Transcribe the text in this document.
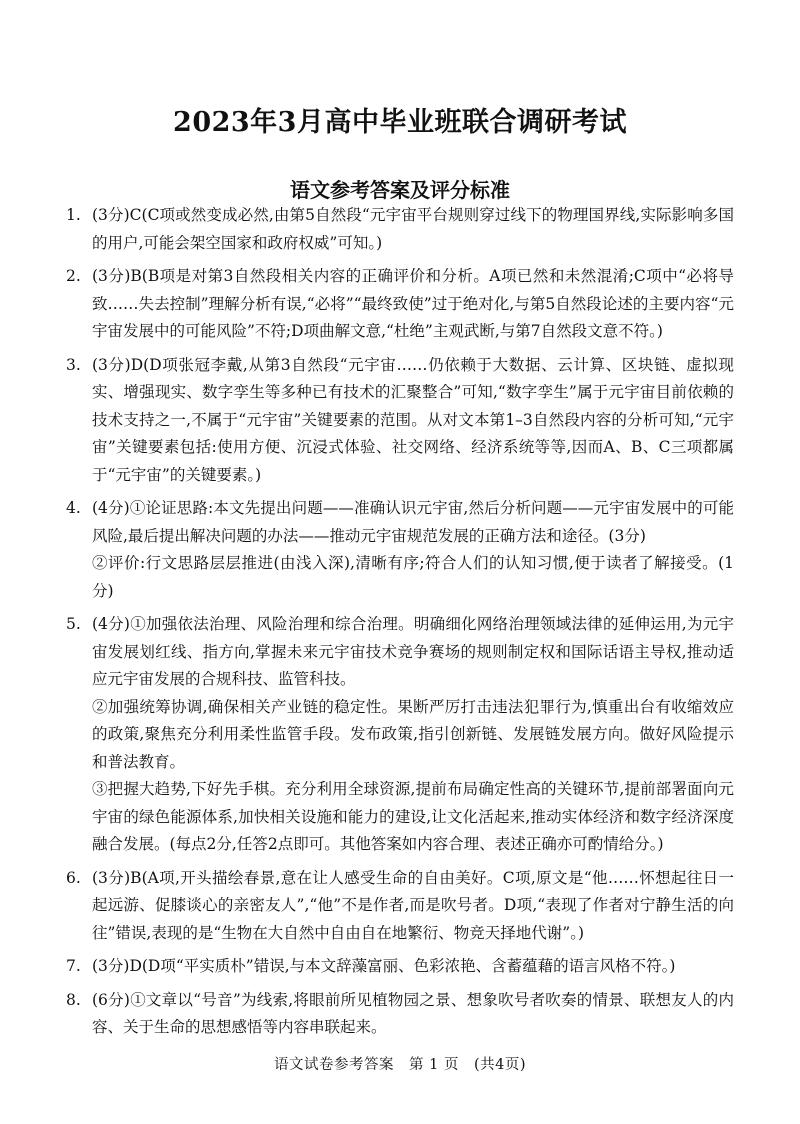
2023年3月高中毕业班联合调研考试
语文参考答案及评分标准
1. (3分)C(C项或然变成必然,由第5自然段“元宇宙平台规则穿过线下的物理国界线,实际影响多国的用户,可能会架空国家和政府权威”可知。)

2. (3分)B(B项是对第3自然段相关内容的正确评价和分析。A项已然和未然混淆;C项中“必将导致……失去控制”理解分析有误,“必将”“最终致使”过于绝对化,与第5自然段论述的主要内容“元宇宙发展中的可能风险”不符;D项曲解文意,“杜绝”主观武断,与第7自然段文意不符。)

3. (3分)D(D项张冠李戴,从第3自然段“元宇宙……仍依赖于大数据、云计算、区块链、虚拟现实、增强现实、数字孪生等多种已有技术的汇聚整合”可知,“数字孪生”属于元宇宙目前依赖的技术支持之一,不属于“元宇宙”关键要素的范围。从对文本第1–3自然段内容的分析可知,“元宇宙”关键要素包括:使用方便、沉浸式体验、社交网络、经济系统等等,因而A、B、C三项都属于“元宇宙”的关键要素。)

4. (4分)①论证思路:本文先提出问题——准确认识元宇宙,然后分析问题——元宇宙发展中的可能风险,最后提出解决问题的办法——推动元宇宙规范发展的正确方法和途径。(3分)

②评价:行文思路层层推进(由浅入深),清晰有序;符合人们的认知习惯,便于读者了解接受。(1分)

5. (4分)①加强依法治理、风险治理和综合治理。明确细化网络治理领域法律的延伸运用,为元宇宙发展划红线、指方向,掌握未来元宇宙技术竞争赛场的规则制定权和国际话语主导权,推动适应元宇宙发展的合规科技、监管科技。

②加强统筹协调,确保相关产业链的稳定性。果断严厉打击违法犯罪行为,慎重出台有收缩效应的政策,聚焦充分利用柔性监管手段。发布政策,指引创新链、发展链发展方向。做好风险提示和普法教育。

③把握大趋势,下好先手棋。充分利用全球资源,提前布局确定性高的关键环节,提前部署面向元宇宙的绿色能源体系,加快相关设施和能力的建设,让文化活起来,推动实体经济和数字经济深度融合发展。(每点2分,任答2点即可。其他答案如内容合理、表述正确亦可酌情给分。)

6. (3分)B(A项,开头描绘春景,意在让人感受生命的自由美好。C项,原文是“他……怀想起往日一起远游、促膝谈心的亲密友人”,“他”不是作者,而是吹号者。D项,“表现了作者对宁静生活的向往”错误,表现的是“生物在大自然中自由自在地繁衍、物竞天择地代谢”。)

7. (3分)D(D项“平实质朴”错误,与本文辞藻富丽、色彩浓艳、含蓄蕴藉的语言风格不符。)

8. (6分)①文章以“号音”为线索,将眼前所见植物园之景、想象吹号者吹奏的情景、联想友人的内容、关于生命的思想感悟等内容串联起来。

语文试卷参考答案　第 1 页　(共4页)
